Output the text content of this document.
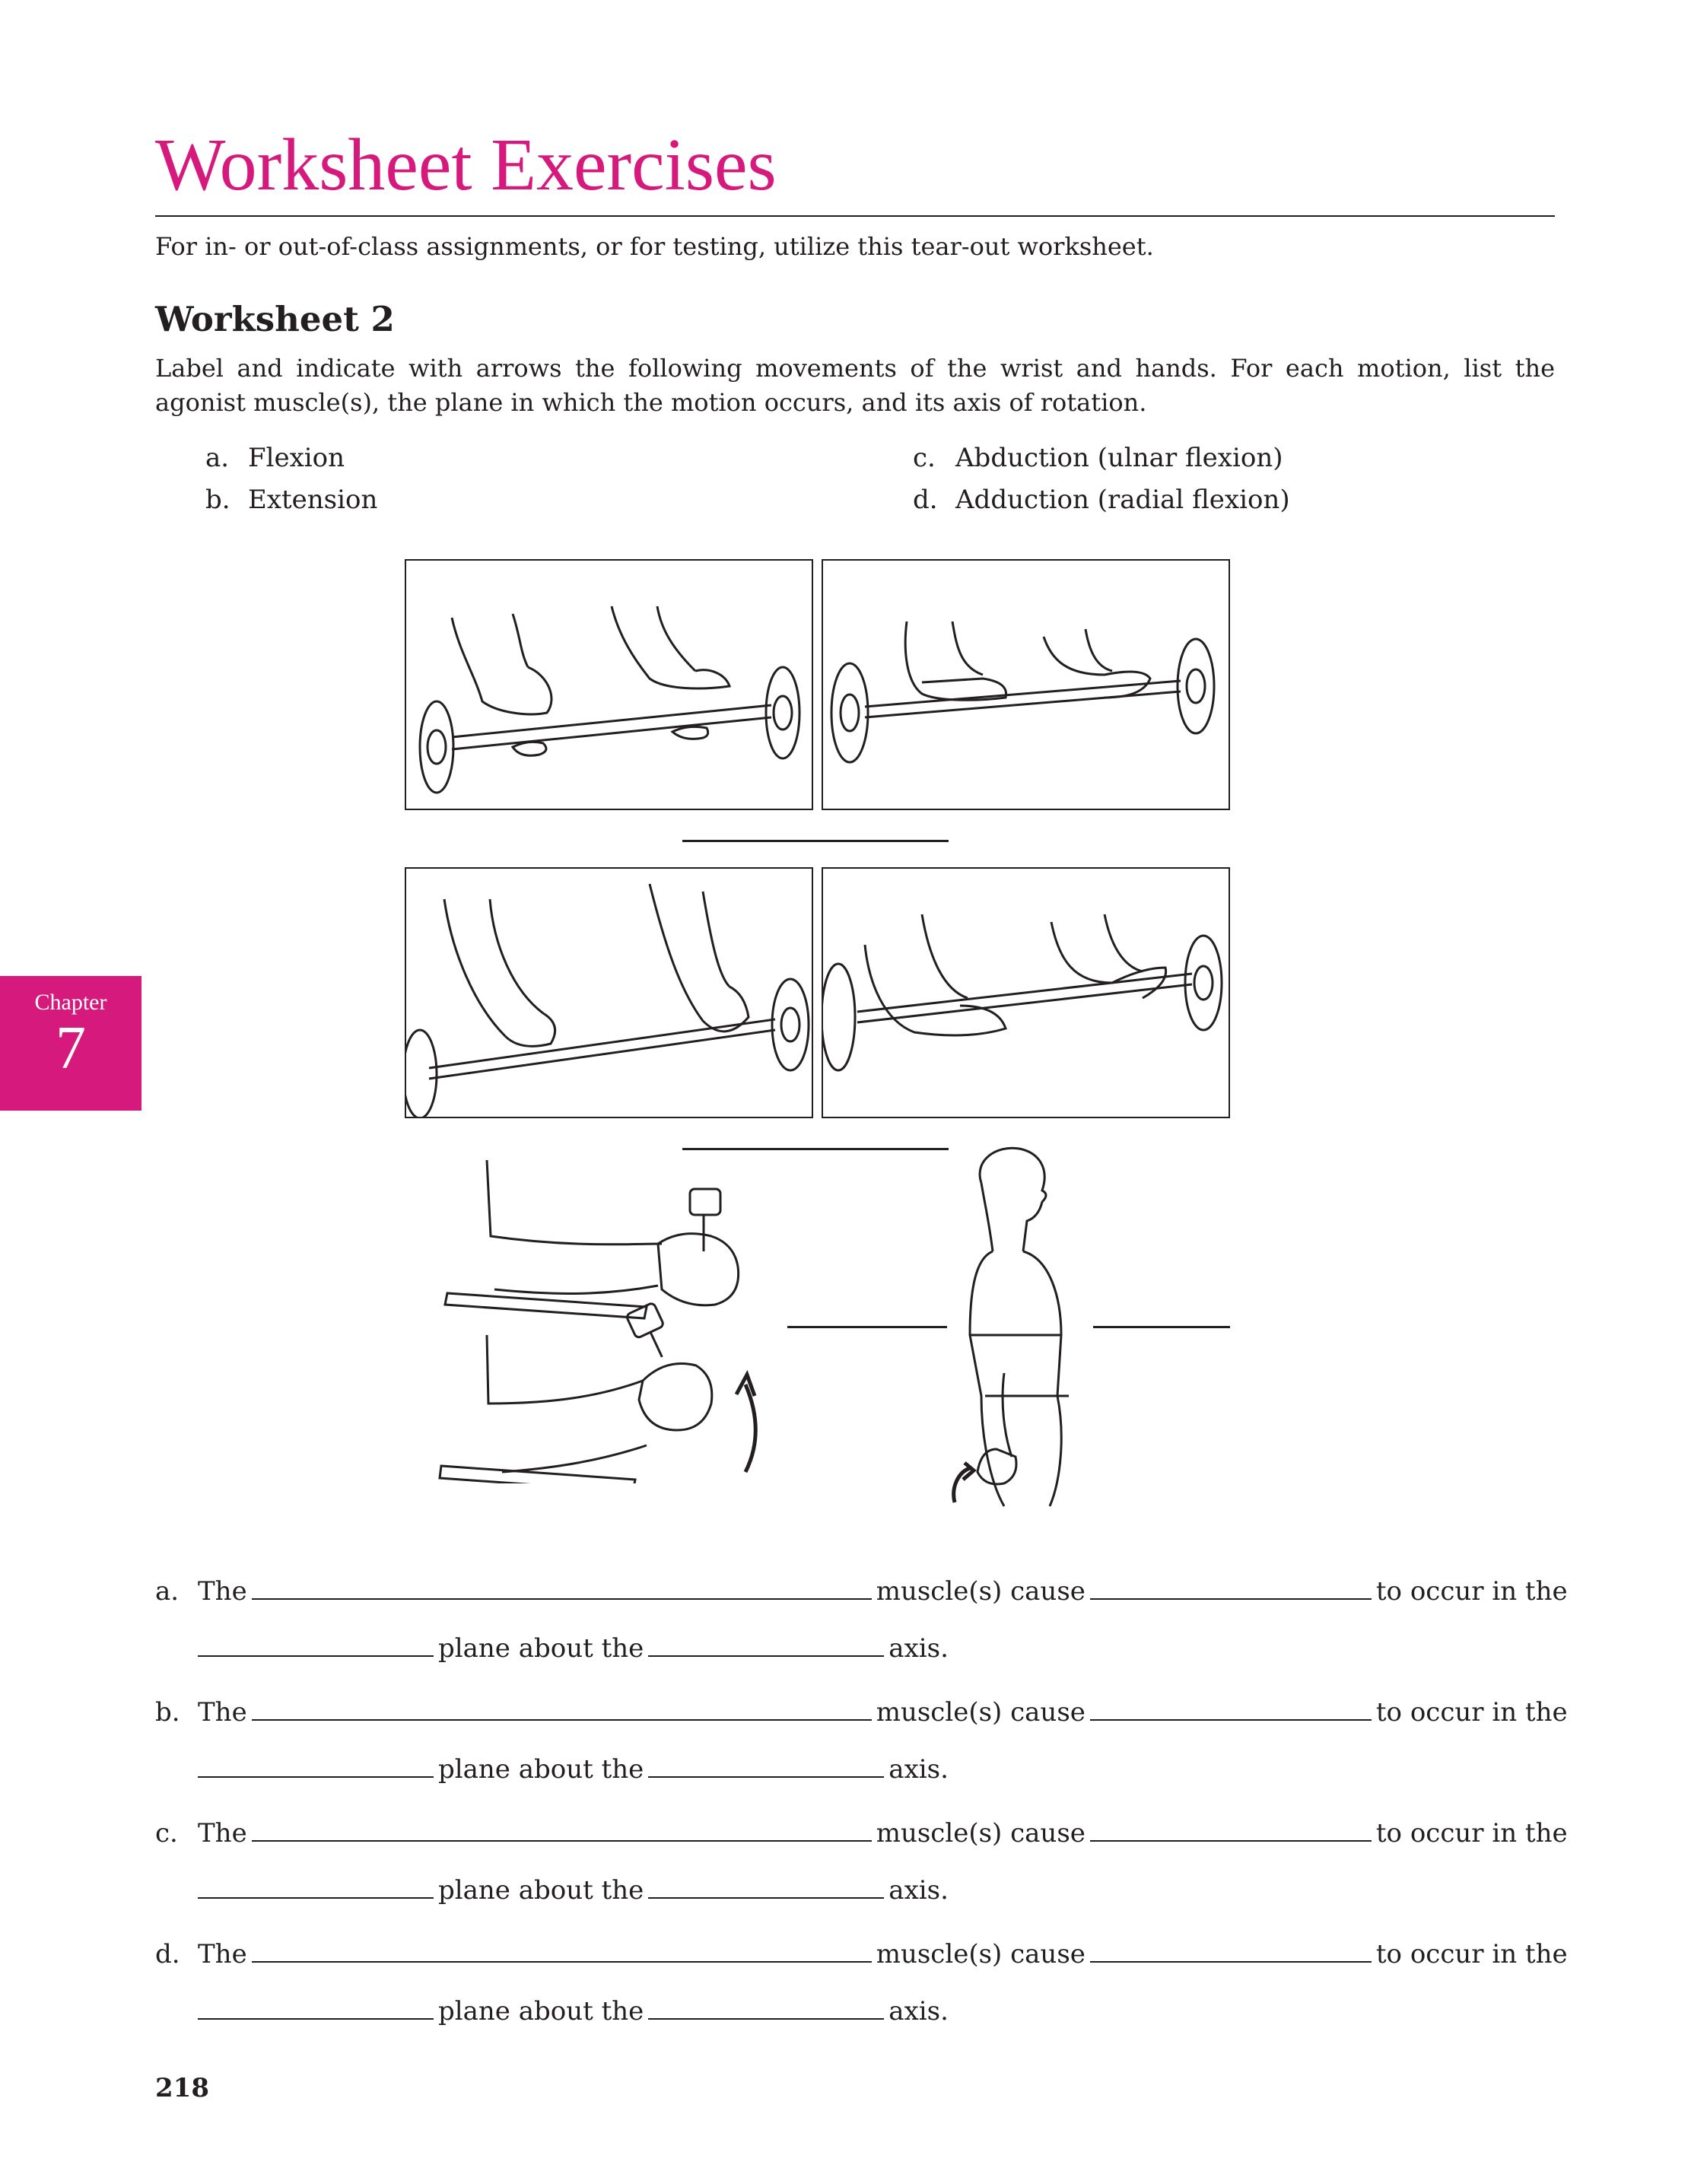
Worksheet Exercises
For in- or out-of-class assignments, or for testing, utilize this tear-out worksheet.
Worksheet 2
Label and indicate with arrows the following movements of the wrist and hands. For each motion, list the agonist muscle(s), the plane in which the motion occurs, and its axis of rotation.
a. Flexion
b. Extension
c. Abduction (ulnar flexion)
d. Adduction (radial flexion)
Chapter
7
a. The	muscle(s) cause	to occur in the
plane about the	axis.
b. The	muscle(s) cause	to occur in the
plane about the	axis.
c. The	muscle(s) cause	to occur in the
plane about the	axis.
d. The	muscle(s) cause	to occur in the
plane about the	axis.
218
